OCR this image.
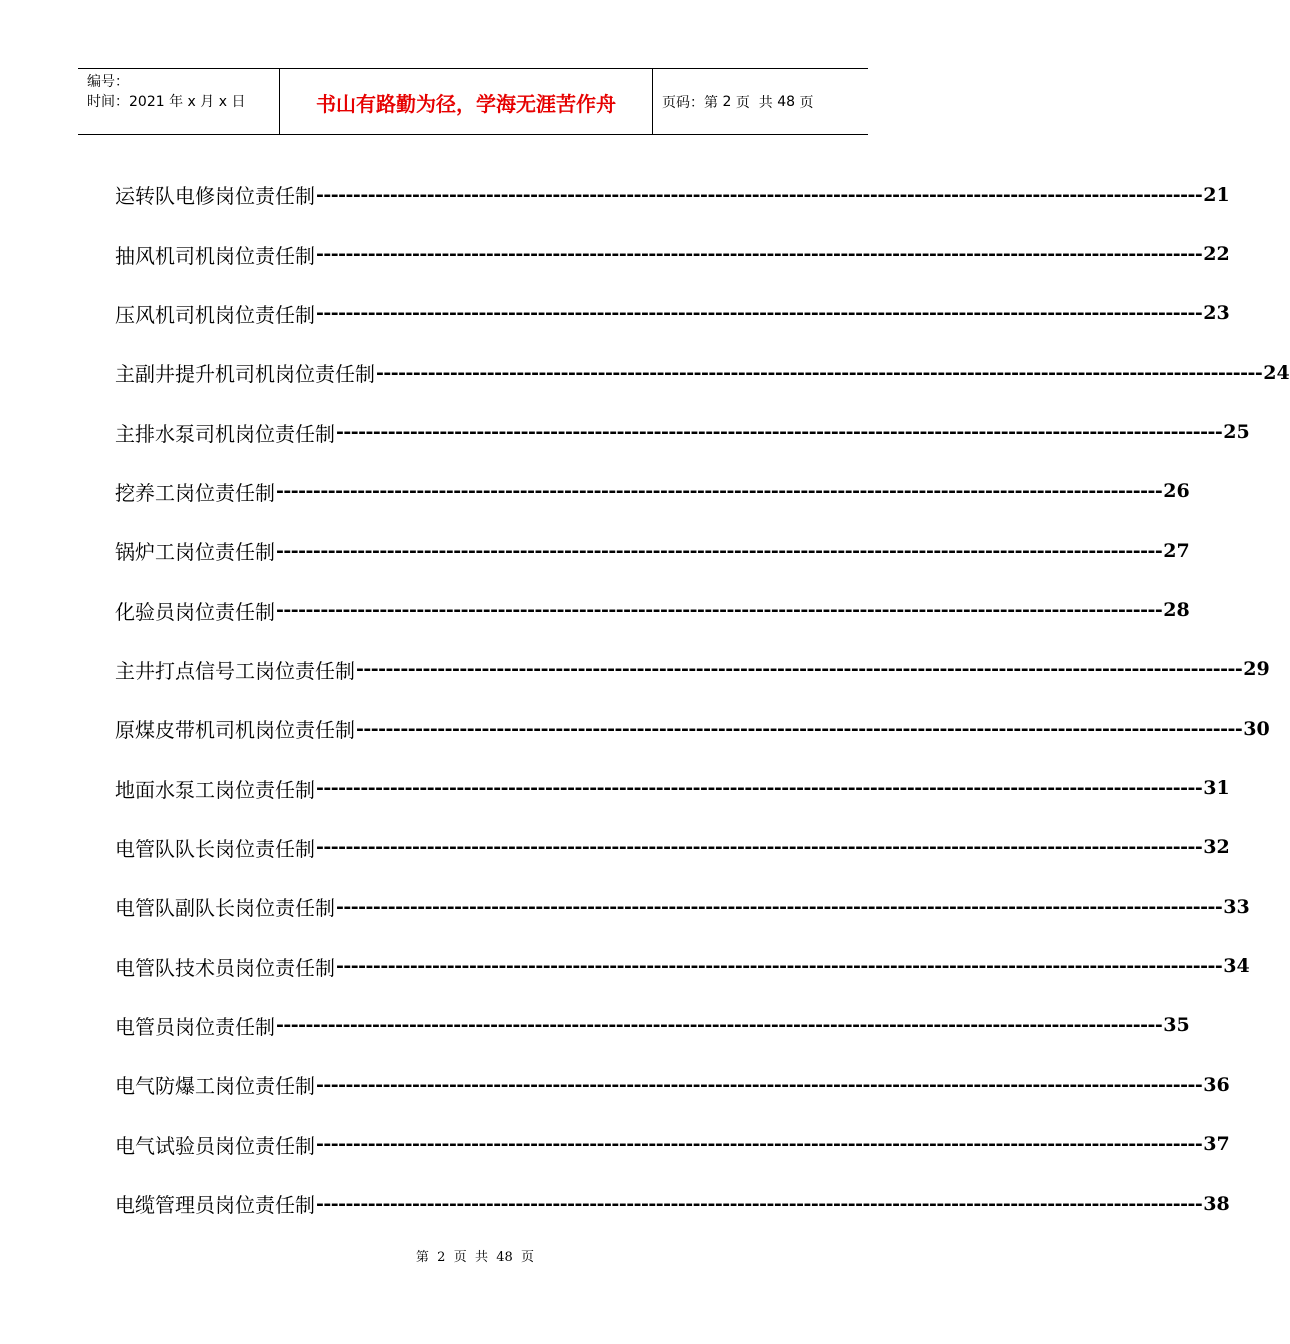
编号：
时间：2021 年 x 月 x 日	书山有路勤为径，学海无涯苦作舟	页码：第 2 页  共 48 页
运转队电修岗位责任制 ------------------------------------------------------------------------------------------------------------------------ 21
抽风机司机岗位责任制 ------------------------------------------------------------------------------------------------------------------------ 22
压风机司机岗位责任制 ------------------------------------------------------------------------------------------------------------------------ 23
主副井提升机司机岗位责任制 ------------------------------------------------------------------------------------------------------------------------ 24
主排水泵司机岗位责任制 ------------------------------------------------------------------------------------------------------------------------ 25
挖养工岗位责任制 ------------------------------------------------------------------------------------------------------------------------ 26
锅炉工岗位责任制 ------------------------------------------------------------------------------------------------------------------------ 27
化验员岗位责任制 ------------------------------------------------------------------------------------------------------------------------ 28
主井打点信号工岗位责任制 ------------------------------------------------------------------------------------------------------------------------ 29
原煤皮带机司机岗位责任制 ------------------------------------------------------------------------------------------------------------------------ 30
地面水泵工岗位责任制 ------------------------------------------------------------------------------------------------------------------------ 31
电管队队长岗位责任制 ------------------------------------------------------------------------------------------------------------------------ 32
电管队副队长岗位责任制 ------------------------------------------------------------------------------------------------------------------------ 33
电管队技术员岗位责任制 ------------------------------------------------------------------------------------------------------------------------ 34
电管员岗位责任制 ------------------------------------------------------------------------------------------------------------------------ 35
电气防爆工岗位责任制 ------------------------------------------------------------------------------------------------------------------------ 36
电气试验员岗位责任制 ------------------------------------------------------------------------------------------------------------------------ 37
电缆管理员岗位责任制 ------------------------------------------------------------------------------------------------------------------------ 38
第  2  页  共  48  页
